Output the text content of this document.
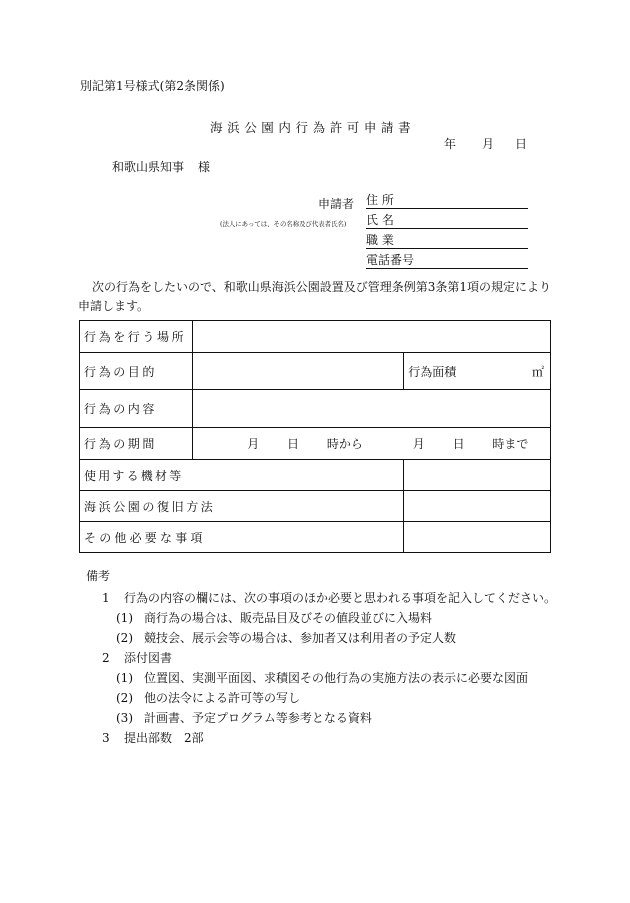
別記第1号様式(第2条関係)
海浜公園内行為許可申請書
年 月 日
和歌山県知事 様
申請者
(法人にあっては、その名称及び代表者氏名)
住 所
氏 名
職 業
電話番号
次の行為をしたいので、和歌山県海浜公園設置及び管理条例第3条第1項の規定により申請します。
行為を行う場所		
行為の目的		行為面積 ㎡

行為の内容		
行為の期間	月 日 時から 月 日 時まで	
使用する機材等		
海浜公園の復旧方法		
その他必要な事項		
備考
1 行為の内容の欄には、次の事項のほか必要と思われる事項を記入してください。
(1) 商行為の場合は、販売品目及びその値段並びに入場料
(2) 競技会、展示会等の場合は、参加者又は利用者の予定人数
2 添付図書
(1) 位置図、実測平面図、求積図その他行為の実施方法の表示に必要な図面
(2) 他の法令による許可等の写し
(3) 計画書、予定プログラム等参考となる資料
3 提出部数　2部
